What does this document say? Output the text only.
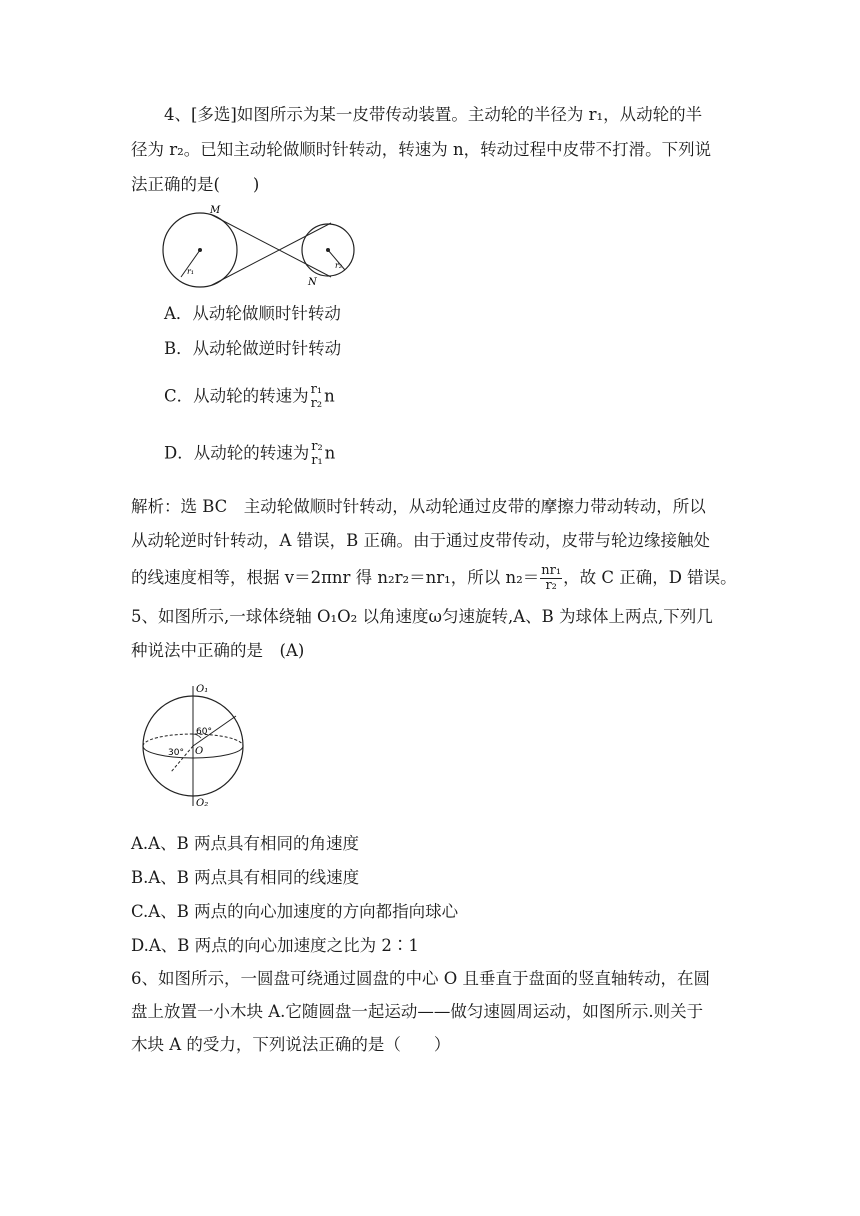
4、[多选]如图所示为某一皮带传动装置。主动轮的半径为 r₁，从动轮的半
径为 r₂。已知主动轮做顺时针转动，转速为 n，转动过程中皮带不打滑。下列说
法正确的是(　　)
M
N
r₁
r₂
A．从动轮做顺时针转动
B．从动轮做逆时针转动
C．从动轮的转速为 r₁
r₂ n
D．从动轮的转速为 r₂
r₁ n
解析：选 BC　主动轮做顺时针转动，从动轮通过皮带的摩擦力带动转动，所以
从动轮逆时针转动，A 错误，B 正确。由于通过皮带传动，皮带与轮边缘接触处
的线速度相等，根据 v＝2πnr 得 n₂r₂＝nr₁，所以 $n_2= \frac{\text{nr₁}}{\text{r₂}}$ ，故 C 正确，D 错误。
5、如图所示,一球体绕轴 O₁O₂ 以角速度ω匀速旋转,A、B 为球体上两点,下列几
种说法中正确的是　(A)
O₁
O₂
O
60°
30°
A.A、B 两点具有相同的角速度
B.A、B 两点具有相同的线速度
C.A、B 两点的向心加速度的方向都指向球心
D.A、B 两点的向心加速度之比为 2∶1
6、如图所示，一圆盘可绕通过圆盘的中心 O 且垂直于盘面的竖直轴转动，在圆
盘上放置一小木块 A.它随圆盘一起运动——做匀速圆周运动，如图所示.则关于
木块 A 的受力，下列说法正确的是（　　）
